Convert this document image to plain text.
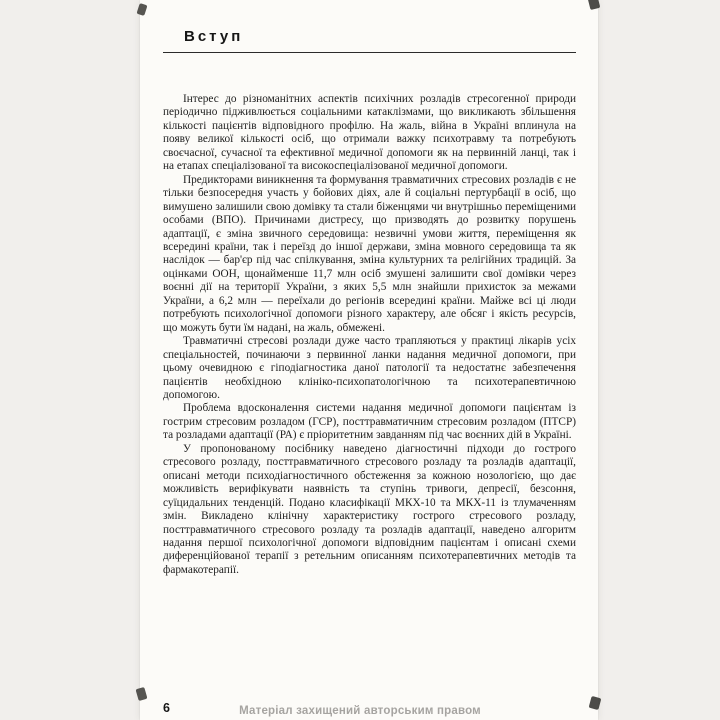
Вступ

Інтерес до різноманітних аспектів психічних розладів стресогенної природи періодично підживлюється соціальними катаклізмами, що викликають збільшення кількості пацієнтів відповідного профілю. На жаль, війна в Україні вплинула на появу великої кількості осіб, що отримали важку психотравму та потребують своєчасної, сучасної та ефективної медичної допомоги як на первинній ланці, так і на етапах спеціалізованої та високоспеціалізованої медичної допомоги.

Предикторами виникнення та формування травматичних стресових розладів є не тільки безпосередня участь у бойових діях, але й соціальні пертурбації в осіб, що вимушено залишили свою домівку та стали біженцями чи внутрішньо переміщеними особами (ВПО). Причинами дистресу, що призводять до розвитку порушень адаптації, є зміна звичного середовища: незвичні умови життя, переміщення як всередині країни, так і переїзд до іншої держави, зміна мовного середовища та як наслідок — бар'єр під час спілкування, зміна культурних та релігійних традицій. За оцінками ООН, щонайменше 11,7 млн осіб змушені залишити свої домівки через воєнні дії на території України, з яких 5,5 млн знайшли прихисток за межами України, а 6,2 млн — переїхали до регіонів всередині країни. Майже всі ці люди потребують психологічної допомоги різного характеру, але обсяг і якість ресурсів, що можуть бути їм надані, на жаль, обмежені.

Травматичні стресові розлади дуже часто трапляються у практиці лікарів усіх спеціальностей, починаючи з первинної ланки надання медичної допомоги, при цьому очевидною є гіподіагностика даної патології та недостатнє забезпечення пацієнтів необхідною клініко-психопатологічною та психотерапевтичною допомогою.

Проблема вдосконалення системи надання медичної допомоги пацієнтам із гострим стресовим розладом (ГСР), посттравматичним стресовим розладом (ПТСР) та розладами адаптації (РА) є пріоритетним завданням під час воєнних дій в Україні.

У пропонованому посібнику наведено діагностичні підходи до гострого стресового розладу, посттравматичного стресового розладу та розладів адаптації, описані методи психодіагностичного обстеження за кожною нозологією, що дає можливість верифікувати наявність та ступінь тривоги, депресії, безсоння, суїцидальних тенденцій. Подано класифікації МКХ-10 та МКХ-11 із тлумаченням змін. Викладено клінічну характеристику гострого стресового розладу, посттравматичного стресового розладу та розладів адаптації, наведено алгоритм надання першої психологічної допомоги відповідним пацієнтам і описані схеми диференційованої терапії з ретельним описанням психотерапевтичних методів та фармакотерапії.

6	Матеріал захищений авторським правом
